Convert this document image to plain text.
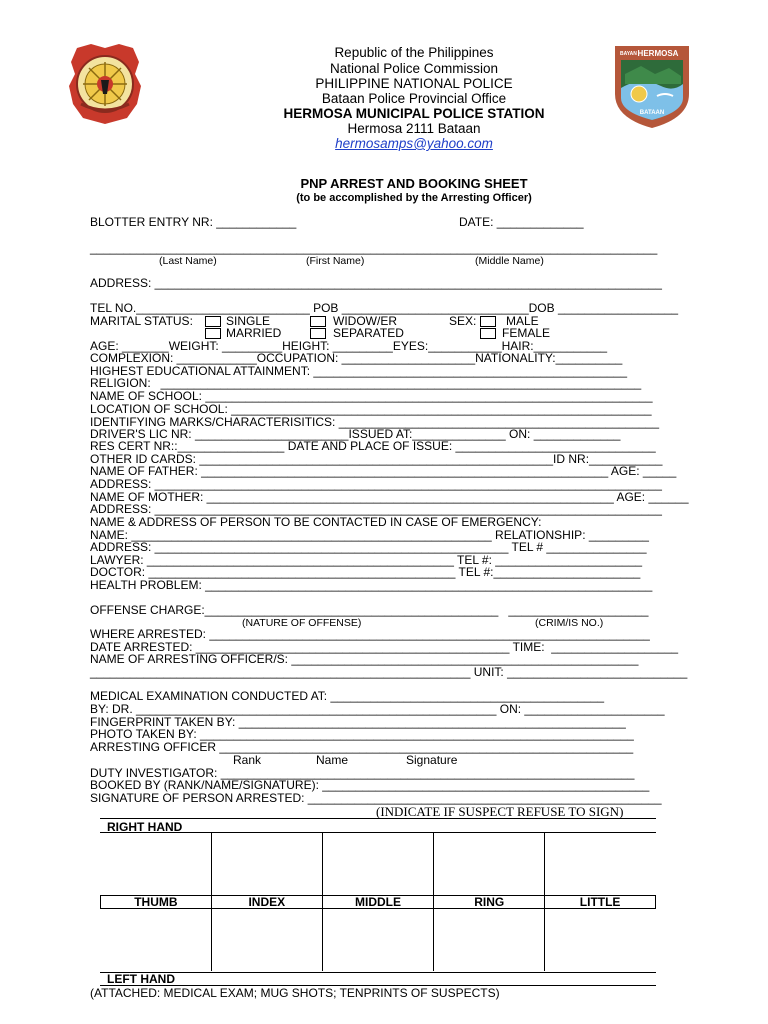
BAYAN HERMOSA
BATAAN
Republic of the Philippines
National Police Commission
PHILIPPINE NATIONAL POLICE
Bataan Police Provincial Office
HERMOSA MUNICIPAL POLICE STATION
Hermosa 2111 Bataan
hermosamps@yahoo.com
PNP ARREST AND BOOKING SHEET
(to be accomplished by the Arresting Officer)
BLOTTER ENTRY NR: ____________	DATE: _____________
_____________________________________________________________________________________
(Last Name)	(First Name)	(Middle Name)
ADDRESS: ____________________________________________________________________________
TEL NO.__________________________ POB ____________________________DOB __________________
MARITAL STATUS:	SINGLE	WIDOW/ER	SEX: MALE
MARRIED	SEPARATED	FEMALE
AGE: _______WEIGHT: _________HEIGHT: _________EYES:___________HAIR:___________
COMPLEXION: ____________OCCUPATION: ____________________NATIONALITY:__________
HIGHEST EDUCATIONAL ATTAINMENT: _______________________________________________
RELIGION:   ________________________________________________________________________
NAME OF SCHOOL: ___________________________________________________________________
LOCATION OF SCHOOL: _______________________________________________________________
IDENTIFYING MARKS/CHARACTERISITICS: ________________________________________________
DRIVER'S LIC NR: _______________________ISSUED AT:______________ ON: _____________
RES CERT NR::________________ DATE AND PLACE OF ISSUE: ______________________________
OTHER ID CARDS: _____________________________________________________ID NR:___________
NAME OF FATHER: _____________________________________________________________ AGE: _____
ADDRESS: ____________________________________________________________________________
NAME OF MOTHER: _____________________________________________________________ AGE: ______
ADDRESS: ____________________________________________________________________________
NAME & ADDRESS OF PERSON TO BE CONTACTED IN CASE OF EMERGENCY:
NAME: ______________________________________________________ RELATIONSHIP: _________
ADDRESS: _____________________________________________________ TEL # _______________
LAWYER: ______________________________________________ TEL #: ______________________
DOCTOR: ______________________________________________ TEL #:______________________
HEALTH PROBLEM: ___________________________________________________________________
OFFENSE CHARGE:____________________________________________   _____________________
(NATURE OF OFFENSE)	(CRIM/IS NO.)
WHERE ARRESTED: __________________________________________________________________
DATE ARRESTED: _______________________________________________ TIME:  ___________________
NAME OF ARRESTING OFFICER/S: ____________________________________________________
_________________________________________________________ UNIT: ___________________________
MEDICAL EXAMINATION CONDUCTED AT: _________________________________________
BY: DR. ______________________________________________________ ON: _____________________
FINGERPRINT TAKEN BY: __________________________________________________________
PHOTO TAKEN BY: _________________________________________________________________
ARRESTING OFFICER ______________________________________________________________
Rank	Name	Signature
DUTY INVESTIGATOR: ______________________________________________________________
BOOKED BY (RANK/NAME/SIGNATURE): _________________________________________________
SIGNATURE OF PERSON ARRESTED: _____________________________________________________
(INDICATE IF SUSPECT REFUSE TO SIGN)
RIGHT HAND

THUMB	INDEX	MIDDLE	RING	LITTLE

LEFT HAND
(ATTACHED: MEDICAL EXAM; MUG SHOTS; TENPRINTS OF SUSPECTS)
